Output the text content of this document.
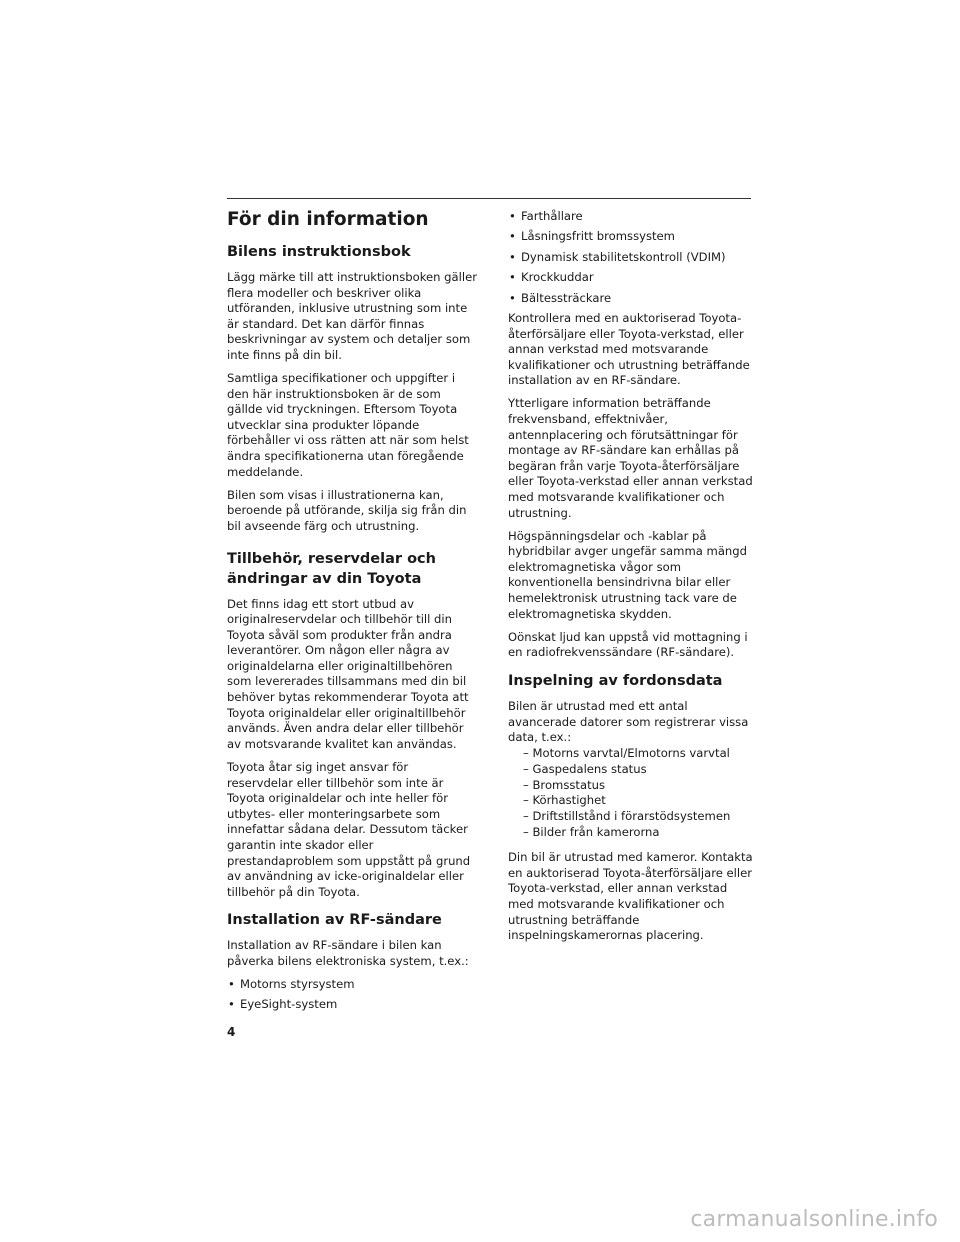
För din information
Bilens instruktionsbok

Lägg märke till att instruktionsboken gäller flera modeller och beskriver olika utföranden, inklusive utrustning som inte är standard. Det kan därför finnas beskrivningar av system och detaljer som inte finns på din bil.

Samtliga specifikationer och uppgifter i den här instruktionsboken är de som gällde vid tryckningen. Eftersom Toyota utvecklar sina produkter löpande förbehåller vi oss rätten att när som helst ändra specifikationerna utan föregående meddelande.

Bilen som visas i illustrationerna kan, beroende på utförande, skilja sig från din bil avseende färg och utrustning.

Tillbehör, reservdelar och ändringar av din Toyota

Det finns idag ett stort utbud av originalreservdelar och tillbehör till din Toyota såväl som produkter från andra leverantörer. Om någon eller några av originaldelarna eller originaltillbehören som levererades tillsammans med din bil behöver bytas rekommenderar Toyota att Toyota originaldelar eller originaltillbehör används. Även andra delar eller tillbehör av motsvarande kvalitet kan användas.

Toyota åtar sig inget ansvar för reservdelar eller tillbehör som inte är Toyota originaldelar och inte heller för utbytes- eller monteringsarbete som innefattar sådana delar. Dessutom täcker garantin inte skador eller prestandaproblem som uppstått på grund av användning av icke-originaldelar eller tillbehör på din Toyota.

Installation av RF-sändare

Installation av RF-sändare i bilen kan påverka bilens elektroniska system, t.ex.:

• Motorns styrsystem
• EyeSight-system
• Farthållare
• Låsningsfritt bromssystem
• Dynamisk stabilitetskontroll (VDIM)
• Krockkuddar
• Bältessträckare

Kontrollera med en auktoriserad Toyota-återförsäljare eller Toyota-verkstad, eller annan verkstad med motsvarande kvalifikationer och utrustning beträffande installation av en RF-sändare.

Ytterligare information beträffande frekvensband, effektnivåer, antennplacering och förutsättningar för montage av RF-sändare kan erhållas på begäran från varje Toyota-återförsäljare eller Toyota-verkstad eller annan verkstad med motsvarande kvalifikationer och utrustning.

Högspänningsdelar och -kablar på hybridbilar avger ungefär samma mängd elektromagnetiska vågor som konventionella bensindrivna bilar eller hemelektronisk utrustning tack vare de elektromagnetiska skydden.

Oönskat ljud kan uppstå vid mottagning i en radiofrekvenssändare (RF-sändare).

Inspelning av fordonsdata

Bilen är utrustad med ett antal avancerade datorer som registrerar vissa data, t.ex.:

– Motorns varvtal/Elmotorns varvtal
– Gaspedalens status
– Bromsstatus
– Körhastighet
– Driftstillstånd i förarstödsystemen
– Bilder från kamerorna

Din bil är utrustad med kameror. Kontakta en auktoriserad Toyota-återförsäljare eller Toyota-verkstad, eller annan verkstad med motsvarande kvalifikationer och utrustning beträffande inspelningskamerornas placering.

4
carmanualsonline.info
